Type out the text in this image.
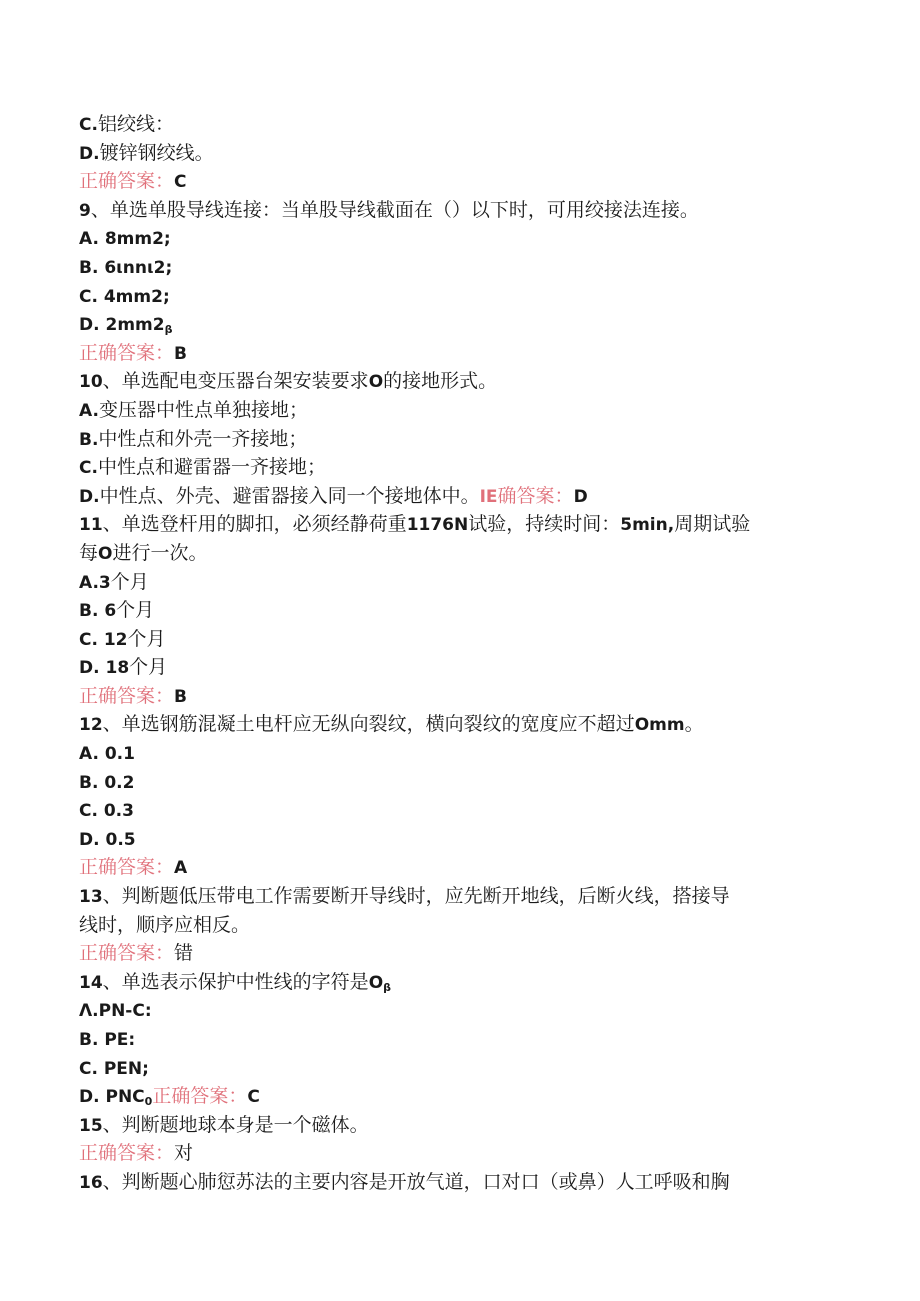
C.铝绞线：
D.镀锌钢绞线。
正确答案：C
9、单选单股导线连接：当单股导线截面在（）以下时，可用绞接法连接。
A. 8mm2;
B. 6ιnnι2;
C. 4mm2;
D. $2mm2_\beta$
正确答案：B
10、单选配电变压器台架安装要求O的接地形式。
A.变压器中性点单独接地；
B.中性点和外壳一齐接地；
C.中性点和避雷器一齐接地；
D.中性点、外壳、避雷器接入同一个接地体中。IE确答案：D
11、单选登杆用的脚扣，必须经静荷重1176N试验，持续时间：5min,周期试验
每O进行一次。
A.3个月
B. 6个月
C. 12个月
D. 18个月
正确答案：B
12、单选钢筋混凝土电杆应无纵向裂纹，横向裂纹的宽度应不超过Omm。
A. 0.1
B. 0.2
C. 0.3
D. 0.5
正确答案：A
13、判断题低压带电工作需要断开导线时，应先断开地线，后断火线，搭接导
线时，顺序应相反。
正确答案：错
14、单选表示保护中性线的字符是$O_\beta$
Λ.PN-C:
B. PE:
C. PEN;
D. $PNC_0$正确答案：C
15、判断题地球本身是一个磁体。
正确答案：对
16、判断题心肺愆苏法的主要内容是开放气道，口对口（或鼻）人工呼吸和胸
